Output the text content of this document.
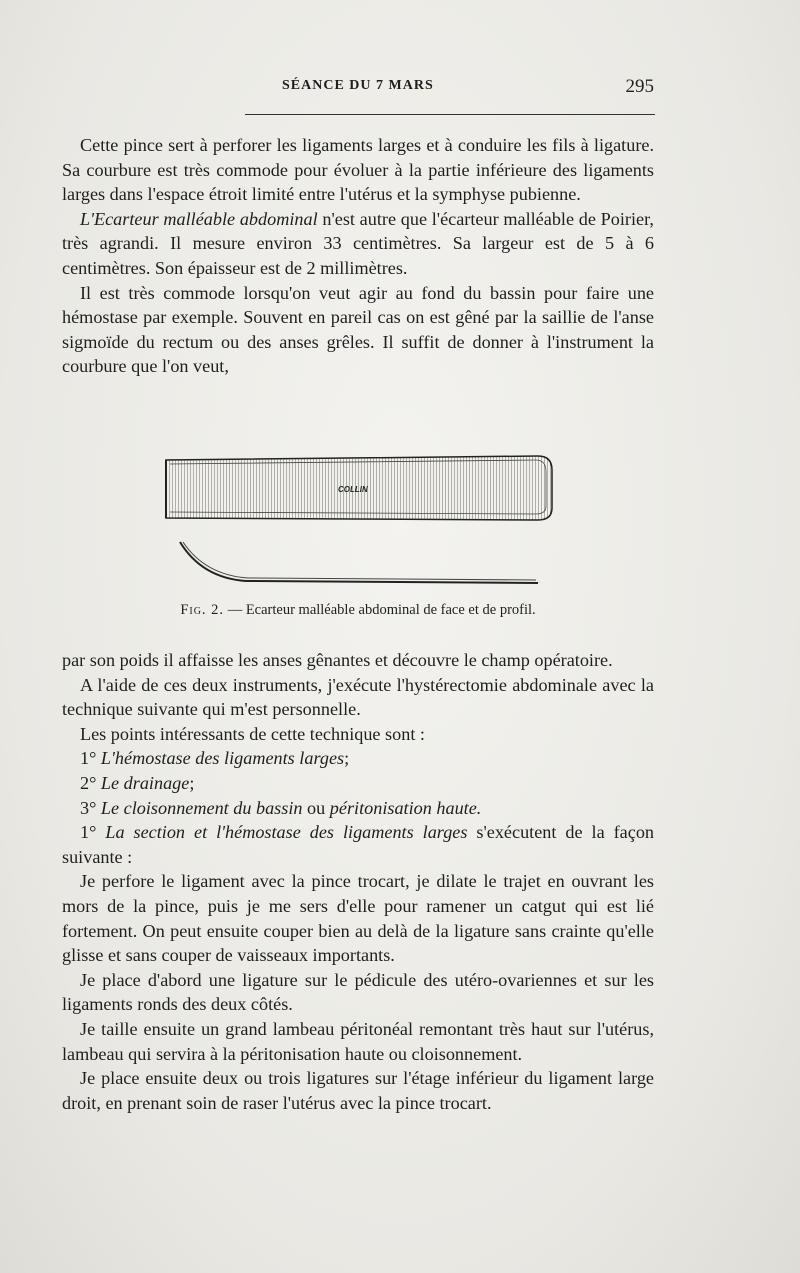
SÉANCE DU 7 MARS	295

Cette pince sert à perforer les ligaments larges et à conduire les fils à ligature. Sa courbure est très commode pour évoluer à la partie inférieure des ligaments larges dans l'espace étroit limité entre l'utérus et la symphyse pubienne.

L'Ecarteur malléable abdominal n'est autre que l'écarteur malléable de Poirier, très agrandi. Il mesure environ 33 centimètres. Sa largeur est de 5 à 6 centimètres. Son épaisseur est de 2 millimètres.

Il est très commode lorsqu'on veut agir au fond du bassin pour faire une hémostase par exemple. Souvent en pareil cas on est gêné par la saillie de l'anse sigmoïde du rectum ou des anses grêles. Il suffit de donner à l'instrument la courbure que l'on veut,

COLLIN
Fig. 2. — Ecarteur malléable abdominal de face et de profil.

par son poids il affaisse les anses gênantes et découvre le champ opératoire.

A l'aide de ces deux instruments, j'exécute l'hystérectomie abdominale avec la technique suivante qui m'est personnelle.

Les points intéressants de cette technique sont :

1° L'hémostase des ligaments larges;

2° Le drainage;

3° Le cloisonnement du bassin ou péritonisation haute.

1° La section et l'hémostase des ligaments larges s'exécutent de la façon suivante :

Je perfore le ligament avec la pince trocart, je dilate le trajet en ouvrant les mors de la pince, puis je me sers d'elle pour ramener un catgut qui est lié fortement. On peut ensuite couper bien au delà de la ligature sans crainte qu'elle glisse et sans couper de vaisseaux importants.

Je place d'abord une ligature sur le pédicule des utéro-ovariennes et sur les ligaments ronds des deux côtés.

Je taille ensuite un grand lambeau péritonéal remontant très haut sur l'utérus, lambeau qui servira à la péritonisation haute ou cloisonnement.

Je place ensuite deux ou trois ligatures sur l'étage inférieur du ligament large droit, en prenant soin de raser l'utérus avec la pince trocart.
